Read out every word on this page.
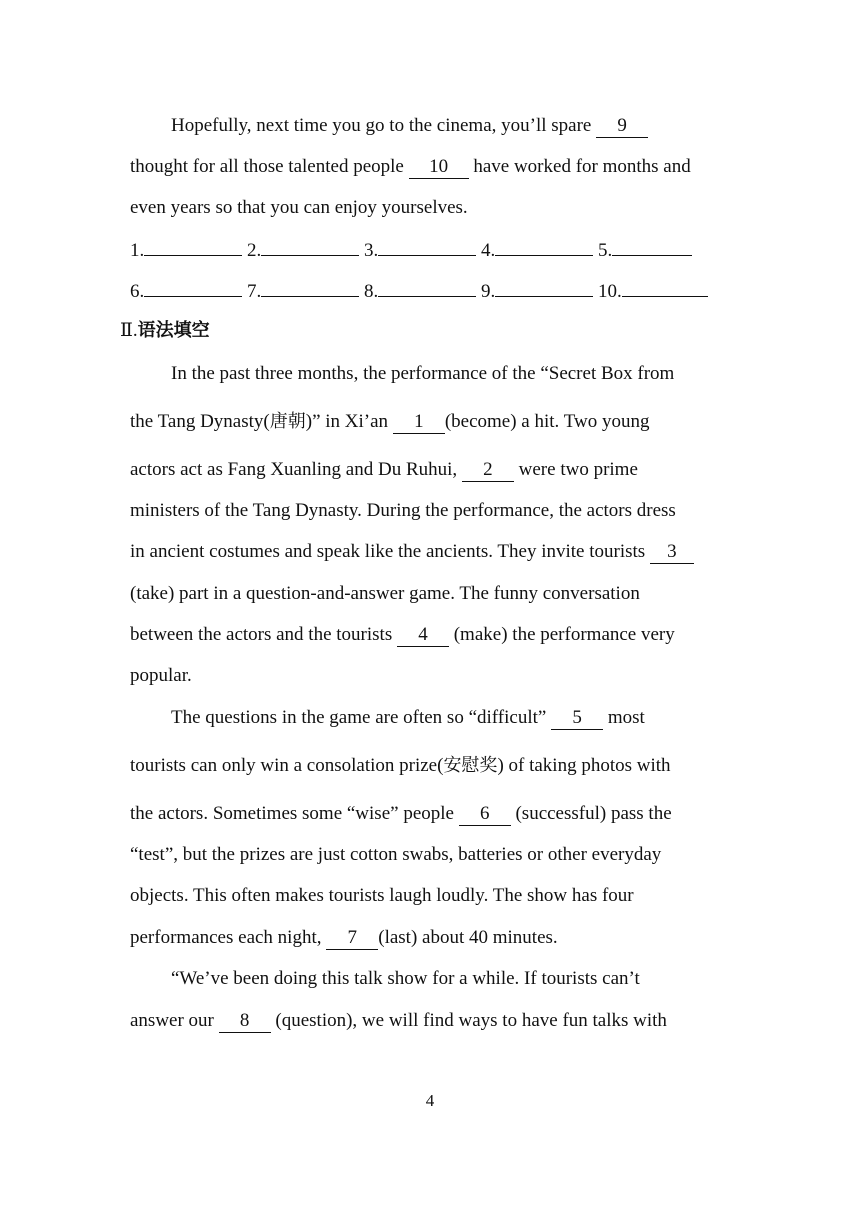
Hopefully, next time you go to the cinema, you’ll spare 9
thought for all those talented people 10 have worked for months and
even years so that you can enjoy yourselves.
1.	2.	3.	4.	5.
6.	7.	8.	9.	10.
Ⅱ.语法填空
In the past three months, the performance of the “Secret Box from
the Tang Dynasty(唐朝)” in Xi’an 1 (become) a hit. Two young
actors act as Fang Xuanling and Du Ruhui, 2 were two prime
ministers of the Tang Dynasty. During the performance, the actors dress
in ancient costumes and speak like the ancients. They invite tourists 3
(take) part in a question-and-answer game. The funny conversation
between the actors and the tourists 4 (make) the performance very
popular.
The questions in the game are often so “difficult” 5 most
tourists can only win a consolation prize(安慰奖) of taking photos with
the actors. Sometimes some “wise” people 6 (successful) pass the
“test”, but the prizes are just cotton swabs, batteries or other everyday
objects. This often makes tourists laugh loudly. The show has four
performances each night, 7 (last) about 40 minutes.
“We’ve been doing this talk show for a while. If tourists can’t
answer our 8 (question), we will find ways to have fun talks with
4
